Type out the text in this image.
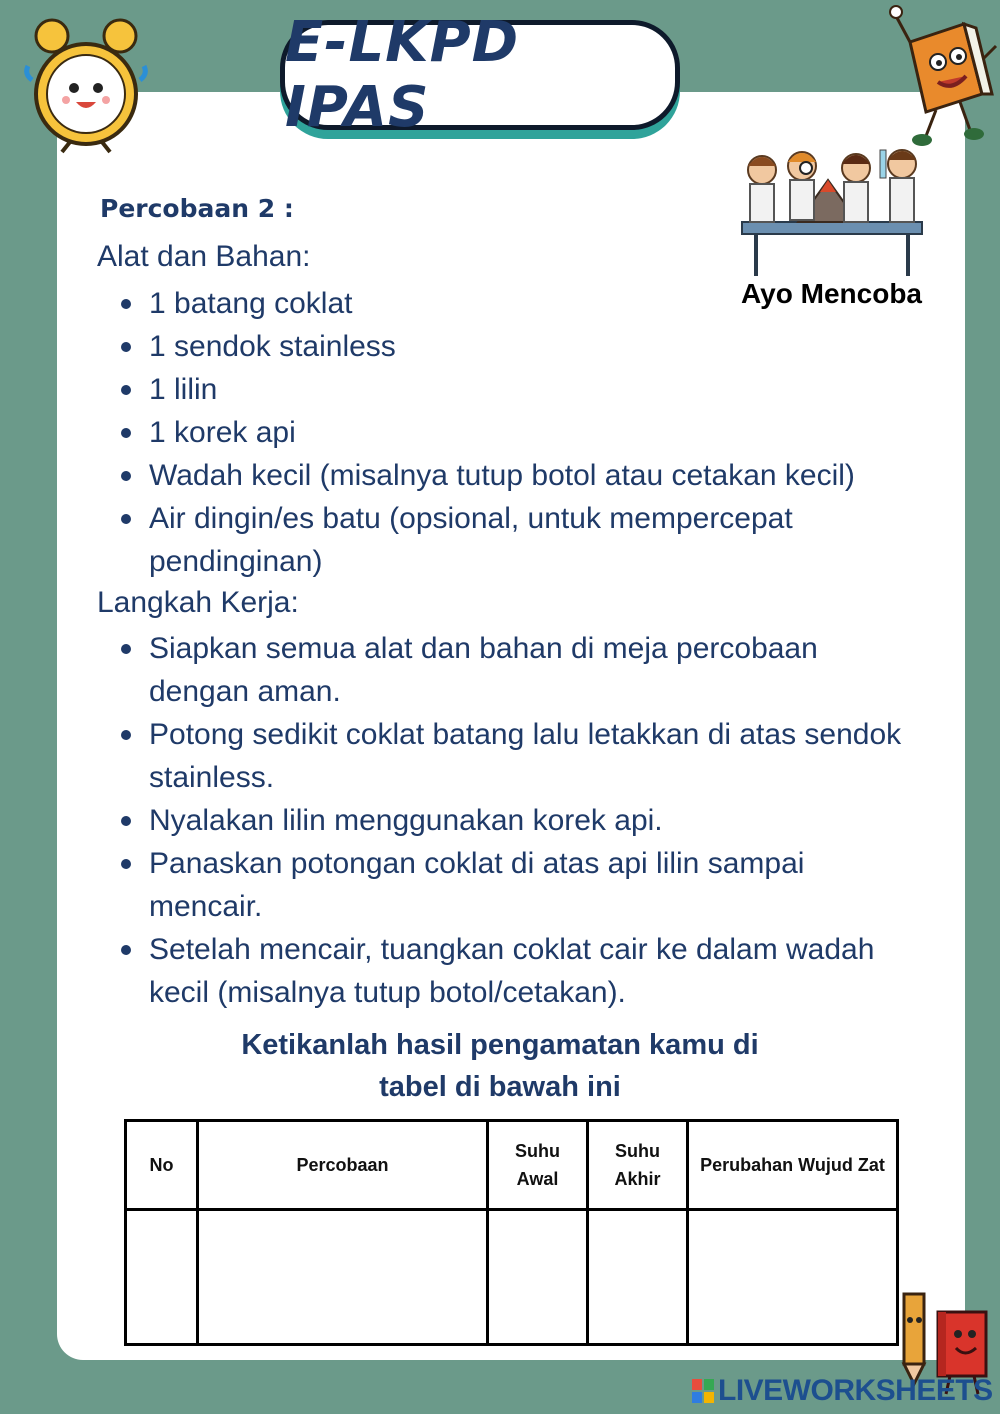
E-LKPD IPAS
Ayo Mencoba
Percobaan 2 :
Alat dan Bahan:
1 batang coklat
1 sendok stainless
1 lilin
1 korek api
Wadah kecil (misalnya tutup botol atau cetakan kecil)
Air dingin/es batu (opsional, untuk mempercepat pendinginan)
Langkah Kerja:
Siapkan semua alat dan bahan di meja percobaan dengan aman.
Potong sedikit coklat batang lalu letakkan di atas sendok stainless.
Nyalakan lilin menggunakan korek api.
Panaskan potongan coklat di atas api lilin sampai mencair.
Setelah mencair, tuangkan coklat cair ke dalam wadah kecil (misalnya tutup botol/cetakan).
Ketikanlah hasil pengamatan kamu di
tabel di bawah ini
No	Percobaan	Suhu Awal	Suhu Akhir	Perubahan Wujud Zat

LIVEWORKSHEETS
